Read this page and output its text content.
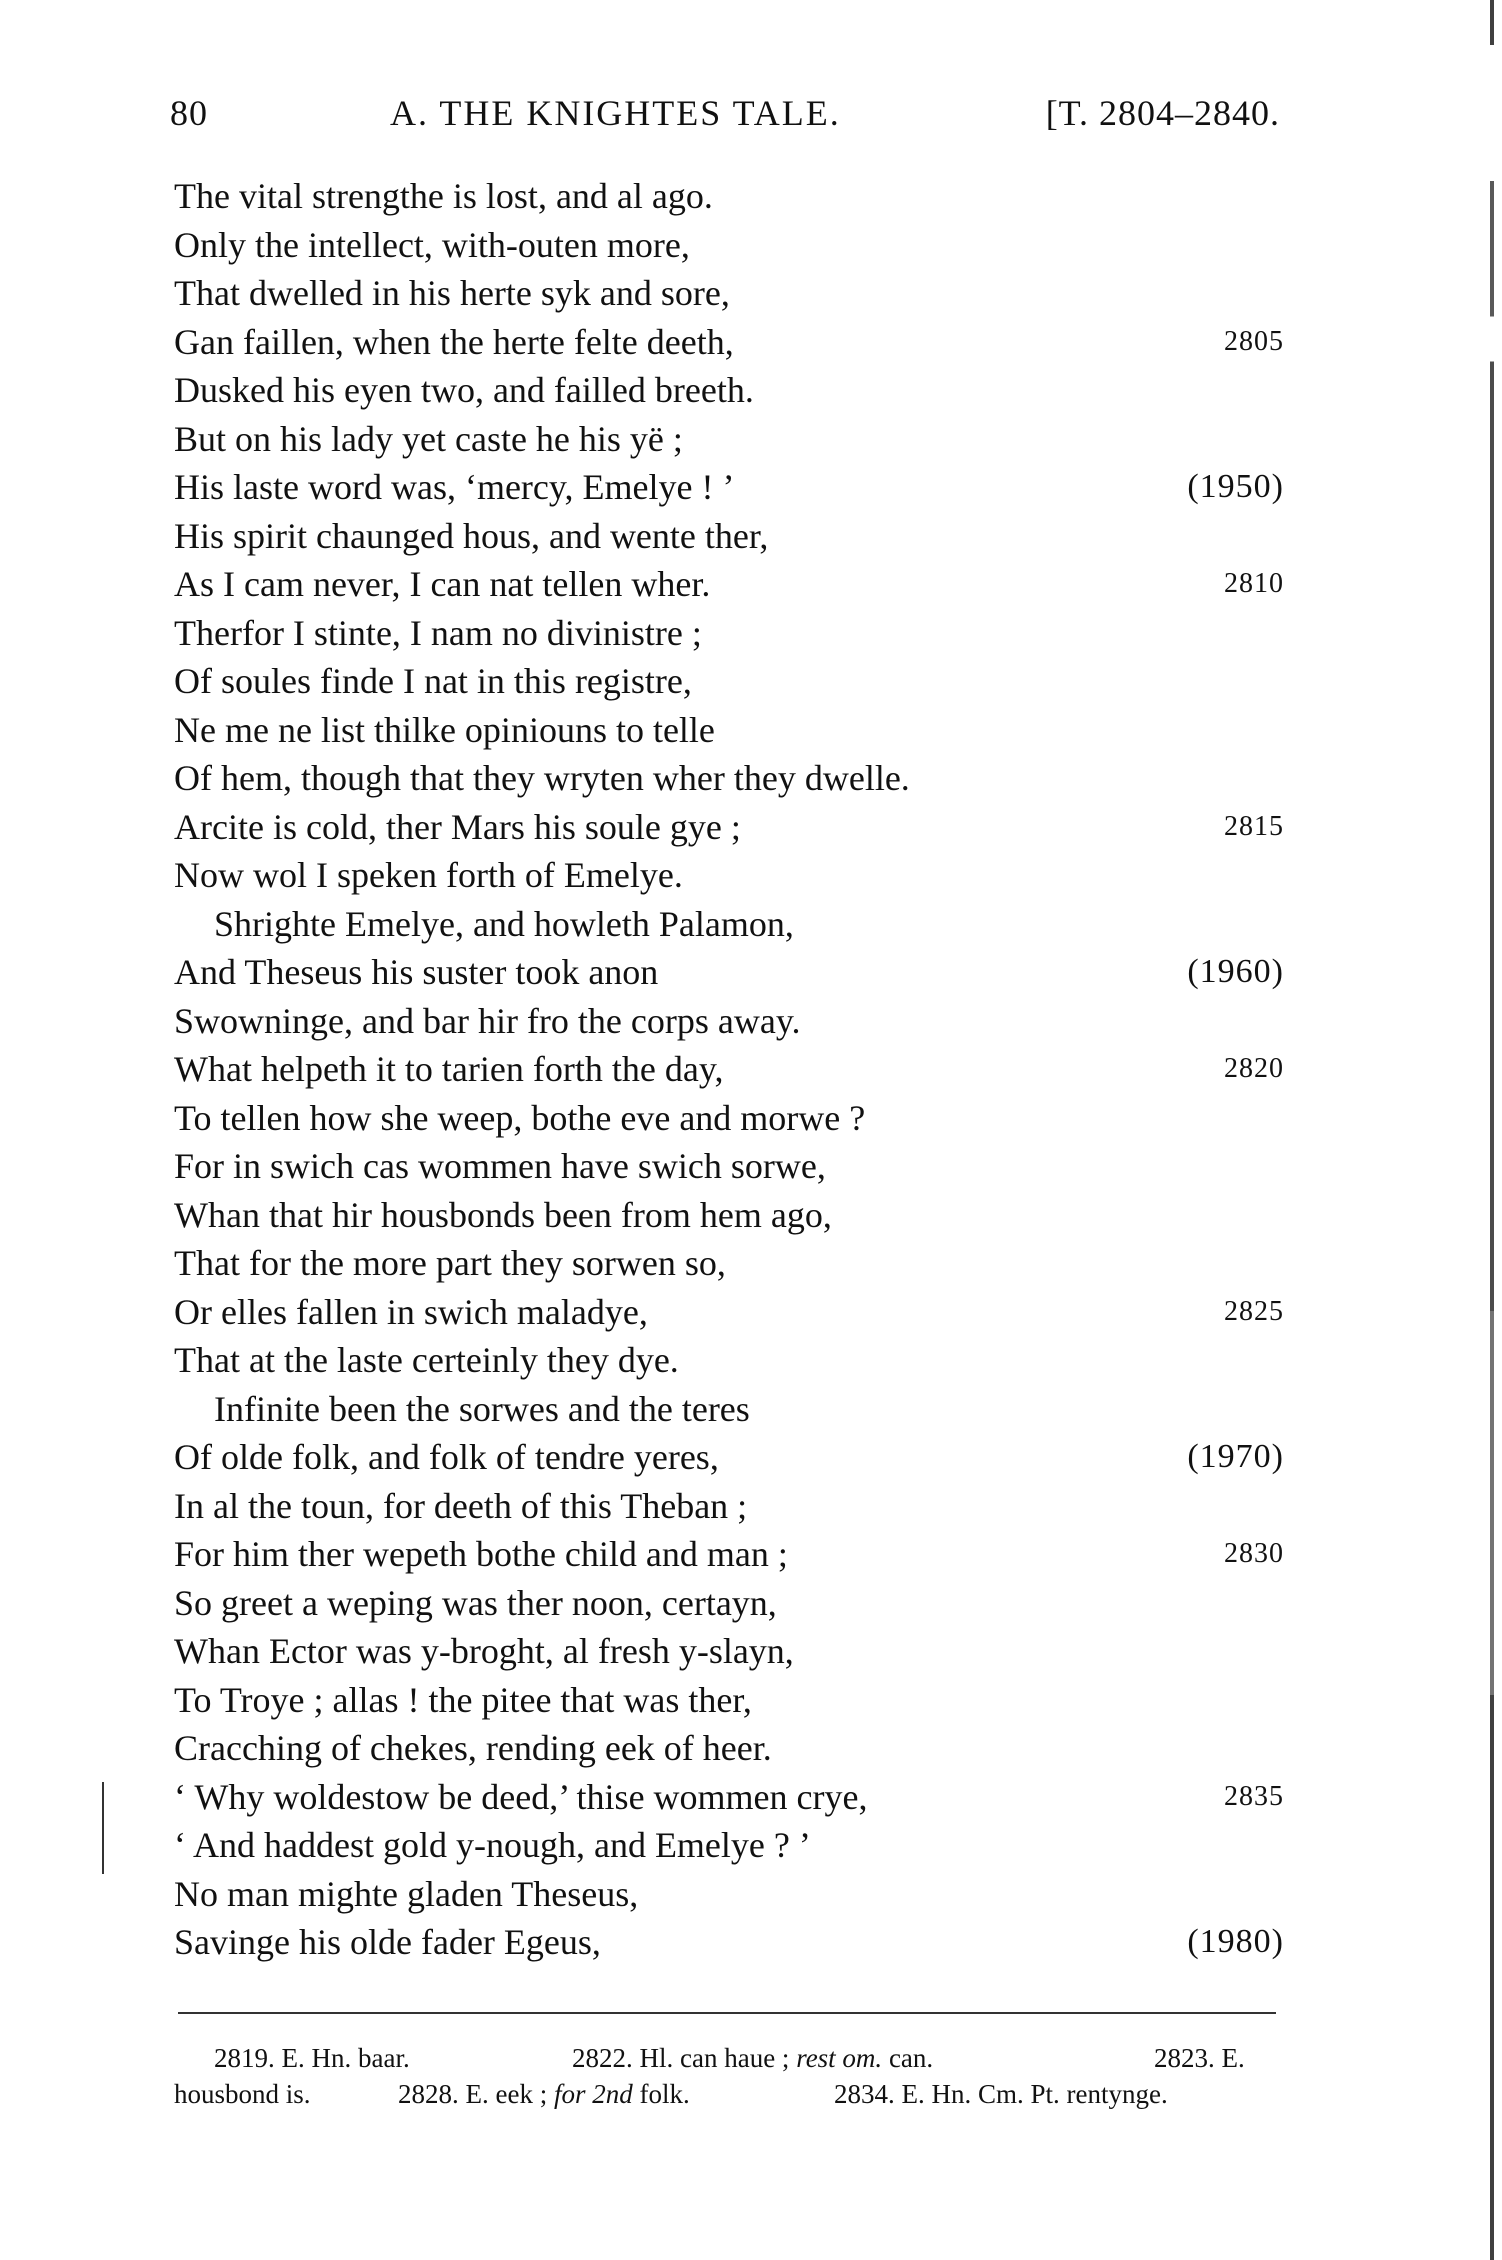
80	A. THE KNIGHTES TALE.	[T. 2804–2840.
The vital strengthe is lost, and al ago.
Only the intellect, with-outen more,
That dwelled in his herte syk and sore,
Gan faillen, when the herte felte deeth,	2805
Dusked his eyen two, and failled breeth.
But on his lady yet caste he his yë ;
His laste word was, ‘mercy, Emelye ! ’	(1950)
His spirit chaunged hous, and wente ther,
As I cam never, I can nat tellen wher.	2810
Therfor I stinte, I nam no divinistre ;
Of soules finde I nat in this registre,
Ne me ne list thilke opiniouns to telle
Of hem, though that they wryten wher they dwelle.
Arcite is cold, ther Mars his soule gye ;	2815
Now wol I speken forth of Emelye.
Shrighte Emelye, and howleth Palamon,
And Theseus his suster took anon	(1960)
Swowninge, and bar hir fro the corps away.
What helpeth it to tarien forth the day,	2820
To tellen how she weep, bothe eve and morwe ?
For in swich cas wommen have swich sorwe,
Whan that hir housbonds been from hem ago,
That for the more part they sorwen so,
Or elles fallen in swich maladye,	2825
That at the laste certeinly they dye.
Infinite been the sorwes and the teres
Of olde folk, and folk of tendre yeres,	(1970)
In al the toun, for deeth of this Theban ;
For him ther wepeth bothe child and man ;	2830
So greet a weping was ther noon, certayn,
Whan Ector was y-broght, al fresh y-slayn,
To Troye ; allas ! the pitee that was ther,
Cracching of chekes, rending eek of heer.
‘ Why woldestow be deed,’ thise wommen crye,	2835
‘ And haddest gold y-nough, and Emelye ? ’
No man mighte gladen Theseus,
Savinge his olde fader Egeus,	(1980)
2819. E. Hn. baar.	2822. Hl. can haue ; rest om. can.	2823. E.
housbond is.	2828. E. eek ; for 2nd folk.	2834. E. Hn. Cm. Pt. rentynge.
